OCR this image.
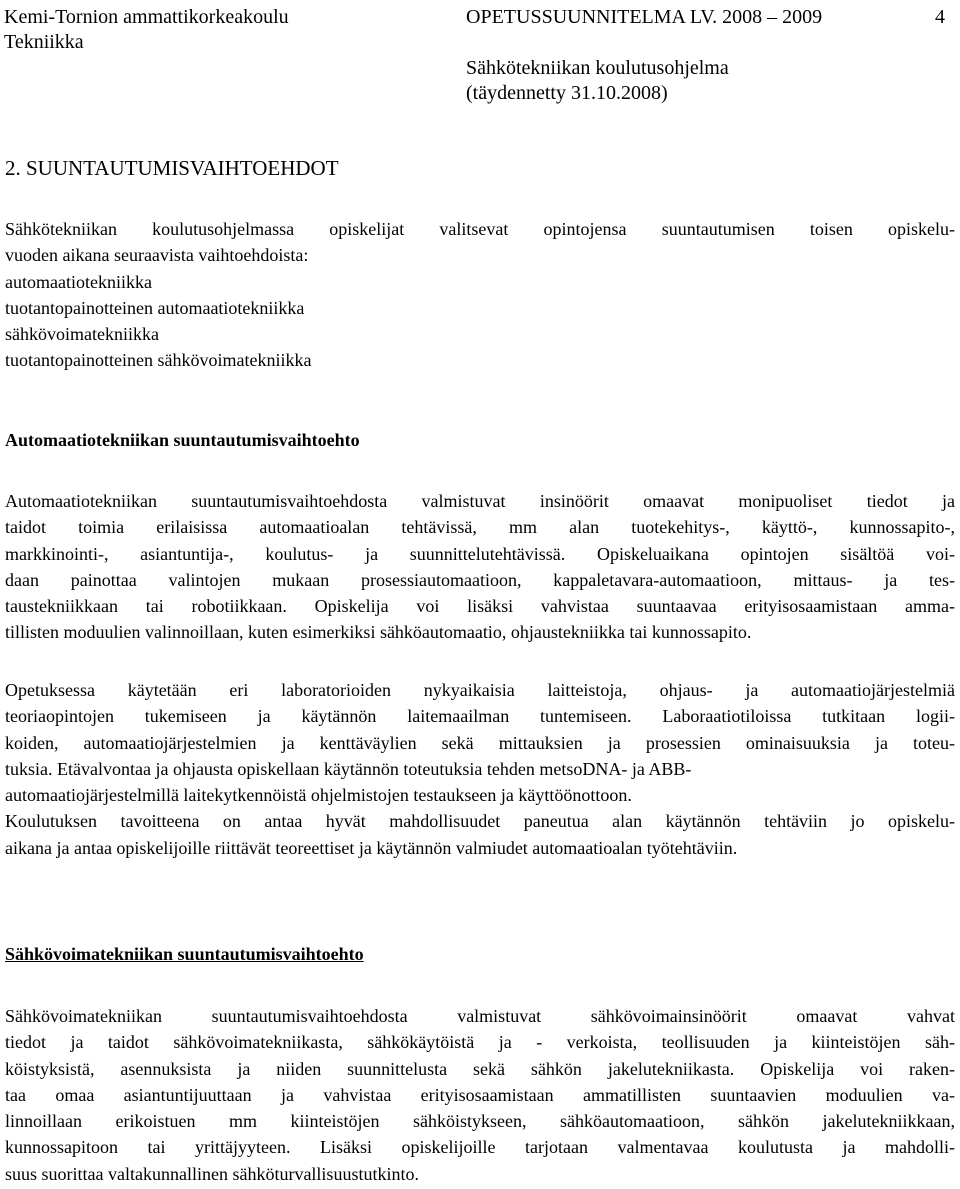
Kemi-Tornion ammattikorkeakoulu
Tekniikka
OPETUSSUUNNITELMA LV. 2008 – 2009	4
Sähkötekniikan koulutusohjelma
(täydennetty 31.10.2008)
2. SUUNTAUTUMISVAIHTOEHDOT
Sähkötekniikan koulutusohjelmassa opiskelijat valitsevat opintojensa suuntautumisen toisen opiskelu-
vuoden aikana seuraavista vaihtoehdoista:
automaatiotekniikka
tuotantopainotteinen automaatiotekniikka
sähkövoimatekniikka
tuotantopainotteinen sähkövoimatekniikka
Automaatiotekniikan suuntautumisvaihtoehto
Automaatiotekniikan suuntautumisvaihtoehdosta valmistuvat insinöörit omaavat monipuoliset tiedot ja
taidot toimia erilaisissa automaatioalan tehtävissä, mm alan tuotekehitys-, käyttö-, kunnossapito-,
markkinointi-, asiantuntija-, koulutus- ja suunnittelutehtävissä. Opiskeluaikana opintojen sisältöä voi-
daan painottaa valintojen mukaan prosessiautomaatioon, kappaletavara-automaatioon, mittaus- ja tes-
taustekniikkaan tai robotiikkaan. Opiskelija voi lisäksi vahvistaa suuntaavaa erityisosaamistaan amma-
tillisten moduulien valinnoillaan, kuten esimerkiksi sähköautomaatio, ohjaustekniikka tai kunnossapito.
Opetuksessa käytetään eri laboratorioiden nykyaikaisia laitteistoja, ohjaus- ja automaatiojärjestelmiä
teoriaopintojen tukemiseen ja käytännön laitemaailman tuntemiseen. Laboraatiotiloissa tutkitaan logii-
koiden, automaatiojärjestelmien ja kenttäväylien sekä mittauksien ja prosessien ominaisuuksia ja toteu-
tuksia. Etävalvontaa ja ohjausta opiskellaan käytännön toteutuksia tehden metsoDNA- ja ABB-
automaatiojärjestelmillä laitekytkennöistä ohjelmistojen testaukseen ja käyttöönottoon.
Koulutuksen tavoitteena on antaa hyvät mahdollisuudet paneutua alan käytännön tehtäviin jo opiskelu-
aikana ja antaa opiskelijoille riittävät teoreettiset ja käytännön valmiudet automaatioalan työtehtäviin.
Sähkövoimatekniikan suuntautumisvaihtoehto
Sähkövoimatekniikan suuntautumisvaihtoehdosta valmistuvat sähkövoimainsinöörit omaavat vahvat
tiedot ja taidot sähkövoimatekniikasta, sähkökäytöistä ja - verkoista, teollisuuden ja kiinteistöjen säh-
köistyksistä, asennuksista ja niiden suunnittelusta sekä sähkön jakelutekniikasta. Opiskelija voi raken-
taa omaa asiantuntijuuttaan ja vahvistaa erityisosaamistaan ammatillisten suuntaavien moduulien va-
linnoillaan erikoistuen mm kiinteistöjen sähköistykseen, sähköautomaatioon, sähkön jakelutekniikkaan,
kunnossapitoon tai yrittäjyyteen. Lisäksi opiskelijoille tarjotaan valmentavaa koulutusta ja mahdolli-
suus suorittaa valtakunnallinen sähköturvallisuustutkinto.
